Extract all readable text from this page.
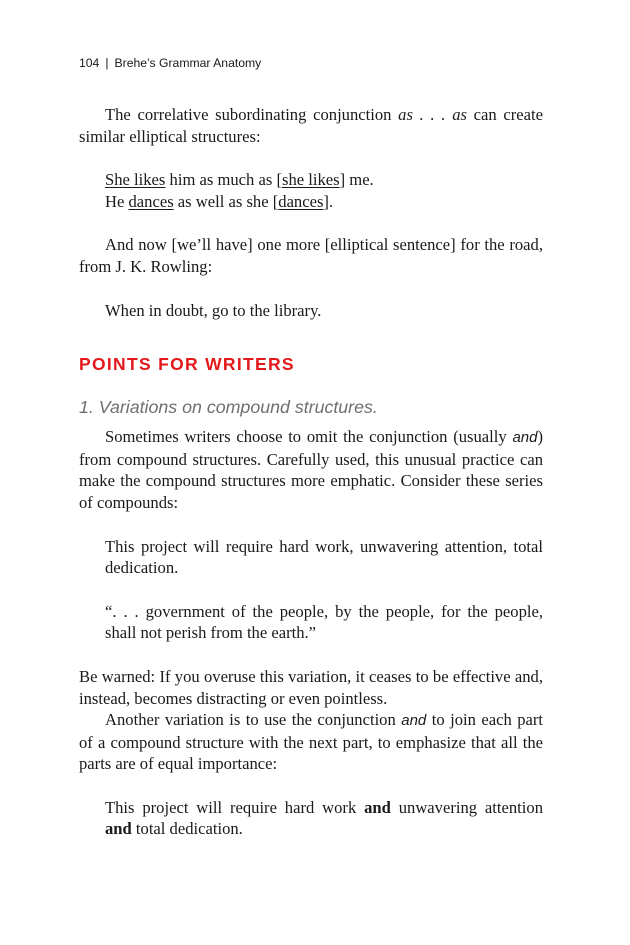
104 | Brehe’s Grammar Anatomy

The correlative subordinating conjunction as . . . as can create similar elliptical structures:

She likes him as much as [she likes] me.
He dances as well as she [dances].

And now [we’ll have] one more [elliptical sentence] for the road, from J. K. Rowling:

When in doubt, go to the library.
POINTS FOR WRITERS
1. Variations on compound structures.

Sometimes writers choose to omit the conjunction (usually and) from compound structures. Carefully used, this unusual practice can make the compound structures more emphatic. Consider these series of compounds:

This project will require hard work, unwavering attention, total dedication.

“. . . government of the people, by the people, for the people, shall not perish from the earth.”

Be warned: If you overuse this variation, it ceases to be effective and, instead, becomes distracting or even pointless.

Another variation is to use the conjunction and to join each part of a compound structure with the next part, to emphasize that all the parts are of equal importance:

This project will require hard work and unwavering attention and total dedication.
